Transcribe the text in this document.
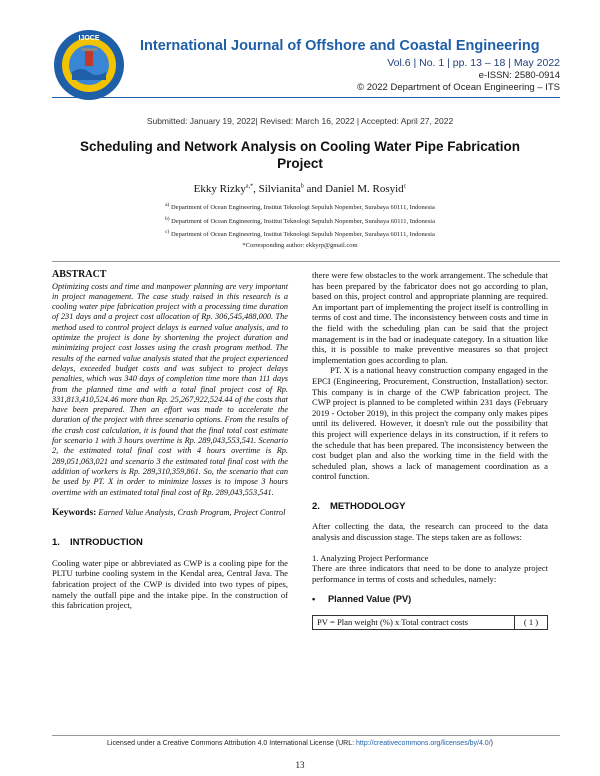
IJOCE	International Journal of Offshore and Coastal Engineering
Vol.6 | No. 1 | pp. 13 – 18 | May 2022
e-ISSN: 2580-0914
© 2022 Department of Ocean Engineering – ITS
Submitted: January 19, 2022| Revised: March 16, 2022 | Accepted: April 27, 2022
Scheduling and Network Analysis on Cooling Water Pipe Fabrication Project
Ekky Rizky$^{a,*}$, Silvianita$^b$ and Daniel M. Rosyid$^c$
$^{a)}$ Department of Ocean Engineering, Institut Teknologi Sepuluh Nopember, Surabaya 60111, Indonesia
$^{b)}$ Department of Ocean Engineering, Institut Teknologi Sepuluh Nopember, Surabaya 60111, Indonesia
$^{c)}$ Department of Ocean Engineering, Institut Teknologi Sepuluh Nopember, Surabaya 60111, Indonesia
*Corresponding author: ekkyrp@gmail.com

ABSTRACT

Optimizing costs and time and manpower planning are very important in project management. The case study raised in this research is a cooling water pipe fabrication project with a processing time duration of 231 days and a project cost allocation of Rp. 306,545,488,000. The method used to control project delays is earned value analysis, and to optimize the project is done by shortening the project duration and minimizing project cost losses using the crash program method. The results of the earned value analysis stated that the project experienced delays, exceeded budget costs and was subject to project delays penalties, which was 340 days of completion time more than 111 days from the planned time and with a total final project cost of Rp. 331,813,410,524.46 more than Rp. 25,267,922,524.44 of the costs that have been prepared. Then an effort was made to accelerate the duration of the project with three scenario options. From the results of the crash cost calculation, it is found that the final total cost estimate for scenario 1 with 3 hours overtime is Rp. 289,043,553,541. Scenario 2, the estimated total final cost with 4 hours overtime is Rp. 289,051,063,021 and scenario 3 the estimated total final cost with the addition of workers is Rp. 289,310,359,861. So, the scenario that can be used by PT. X in order to minimize losses is to impose 3 hours overtime with an estimated total final cost of Rp. 289,043,553,541.

Keywords: Earned Value Analysis, Crash Program, Project Control

1. INTRODUCTION

Cooling water pipe or abbreviated as CWP is a cooling pipe for the PLTU turbine cooling system in the Kendal area, Central Java. The fabrication project of the CWP is divided into two types of pipes, namely the outfall pipe and the intake pipe. In the construction of this fabrication project,

there were few obstacles to the work arrangement. The schedule that has been prepared by the fabricator does not go according to plan, based on this, project control and appropriate planning are required. An important part of implementing the project itself is controlling in terms of cost and time. The inconsistency between costs and time in the field with the scheduling plan can be said that the project management is in the bad or inadequate category. In a situation like this, it is possible to make preventive measures so that project implementation goes according to plan.

PT. X is a national heavy construction company engaged in the EPCI (Engineering, Procurement, Construction, Installation) sector. This company is in charge of the CWP fabrication project. The CWP project is planned to be completed within 231 days (February 2019 - October 2019), in this project the company only makes pipes until its delivered. However, it doesn't rule out the possibility that this project will experience delays in its construction, if it refers to the schedule that has been prepared. The inconsistency between the cost budget plan and also the working time in the field with the scheduled plan, shows a lack of management coordination as a control function.

2. METHODOLOGY

After collecting the data, the research can proceed to the data analysis and discussion stage. The steps taken are as follows:

1. Analyzing Project Performance

There are three indicators that need to be done to analyze project performance in terms of costs and schedules, namely:

• Planned Value (PV)

PV = Plan weight (%) x Total contract costs	( 1 )
Licensed under a Creative Commons Attribution 4.0 International License (URL: http://creativecommons.org/licenses/by/4.0/)
13
